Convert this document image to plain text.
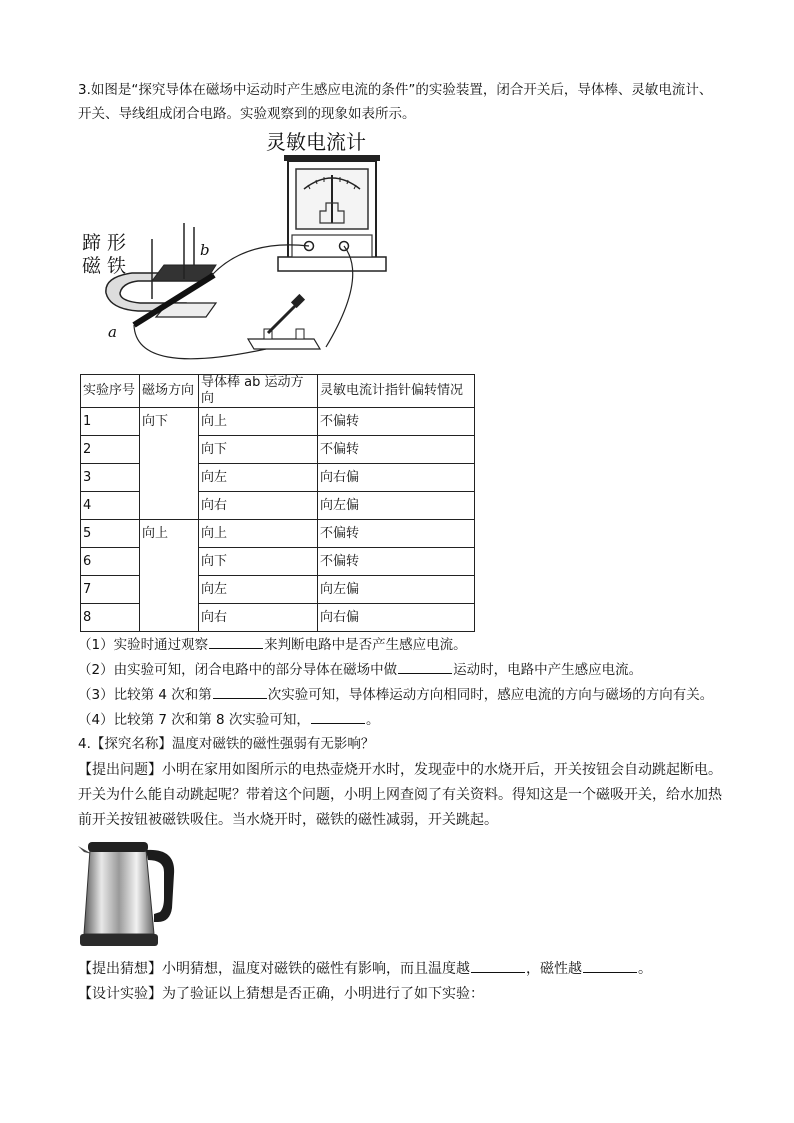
3.如图是“探究导体在磁场中运动时产生感应电流的条件”的实验装置，闭合开关后，导体棒、灵敏电流计、
开关、导线组成闭合电路。实验观察到的现象如表所示。
灵敏电流计
蹄形
磁铁
a
b
实验序号	磁场方向	导体棒 ab 运动方向	灵敏电流计指针偏转情况
1	向下	向上	不偏转
2		向下	不偏转
3		向左	向右偏
4		向右	向左偏
5	向上	向上	不偏转
6		向下	不偏转
7		向左	向左偏
8		向右	向右偏
（1）实验时通过观察	来判断电路中是否产生感应电流。
（2）由实验可知，闭合电路中的部分导体在磁场中做	运动时，电路中产生感应电流。
（3）比较第 4 次和第	次实验可知，导体棒运动方向相同时，感应电流的方向与磁场的方向有关。
（4）比较第 7 次和第 8 次实验可知，	。
4.【探究名称】温度对磁铁的磁性强弱有无影响？
【提出问题】小明在家用如图所示的电热壶烧开水时，发现壶中的水烧开后，开关按钮会自动跳起断电。
开关为什么能自动跳起呢？带着这个问题，小明上网查阅了有关资料。得知这是一个磁吸开关，给水加热
前开关按钮被磁铁吸住。当水烧开时，磁铁的磁性减弱，开关跳起。
【提出猜想】小明猜想，温度对磁铁的磁性有影响，而且温度越	，磁性越	。
【设计实验】为了验证以上猜想是否正确，小明进行了如下实验：
